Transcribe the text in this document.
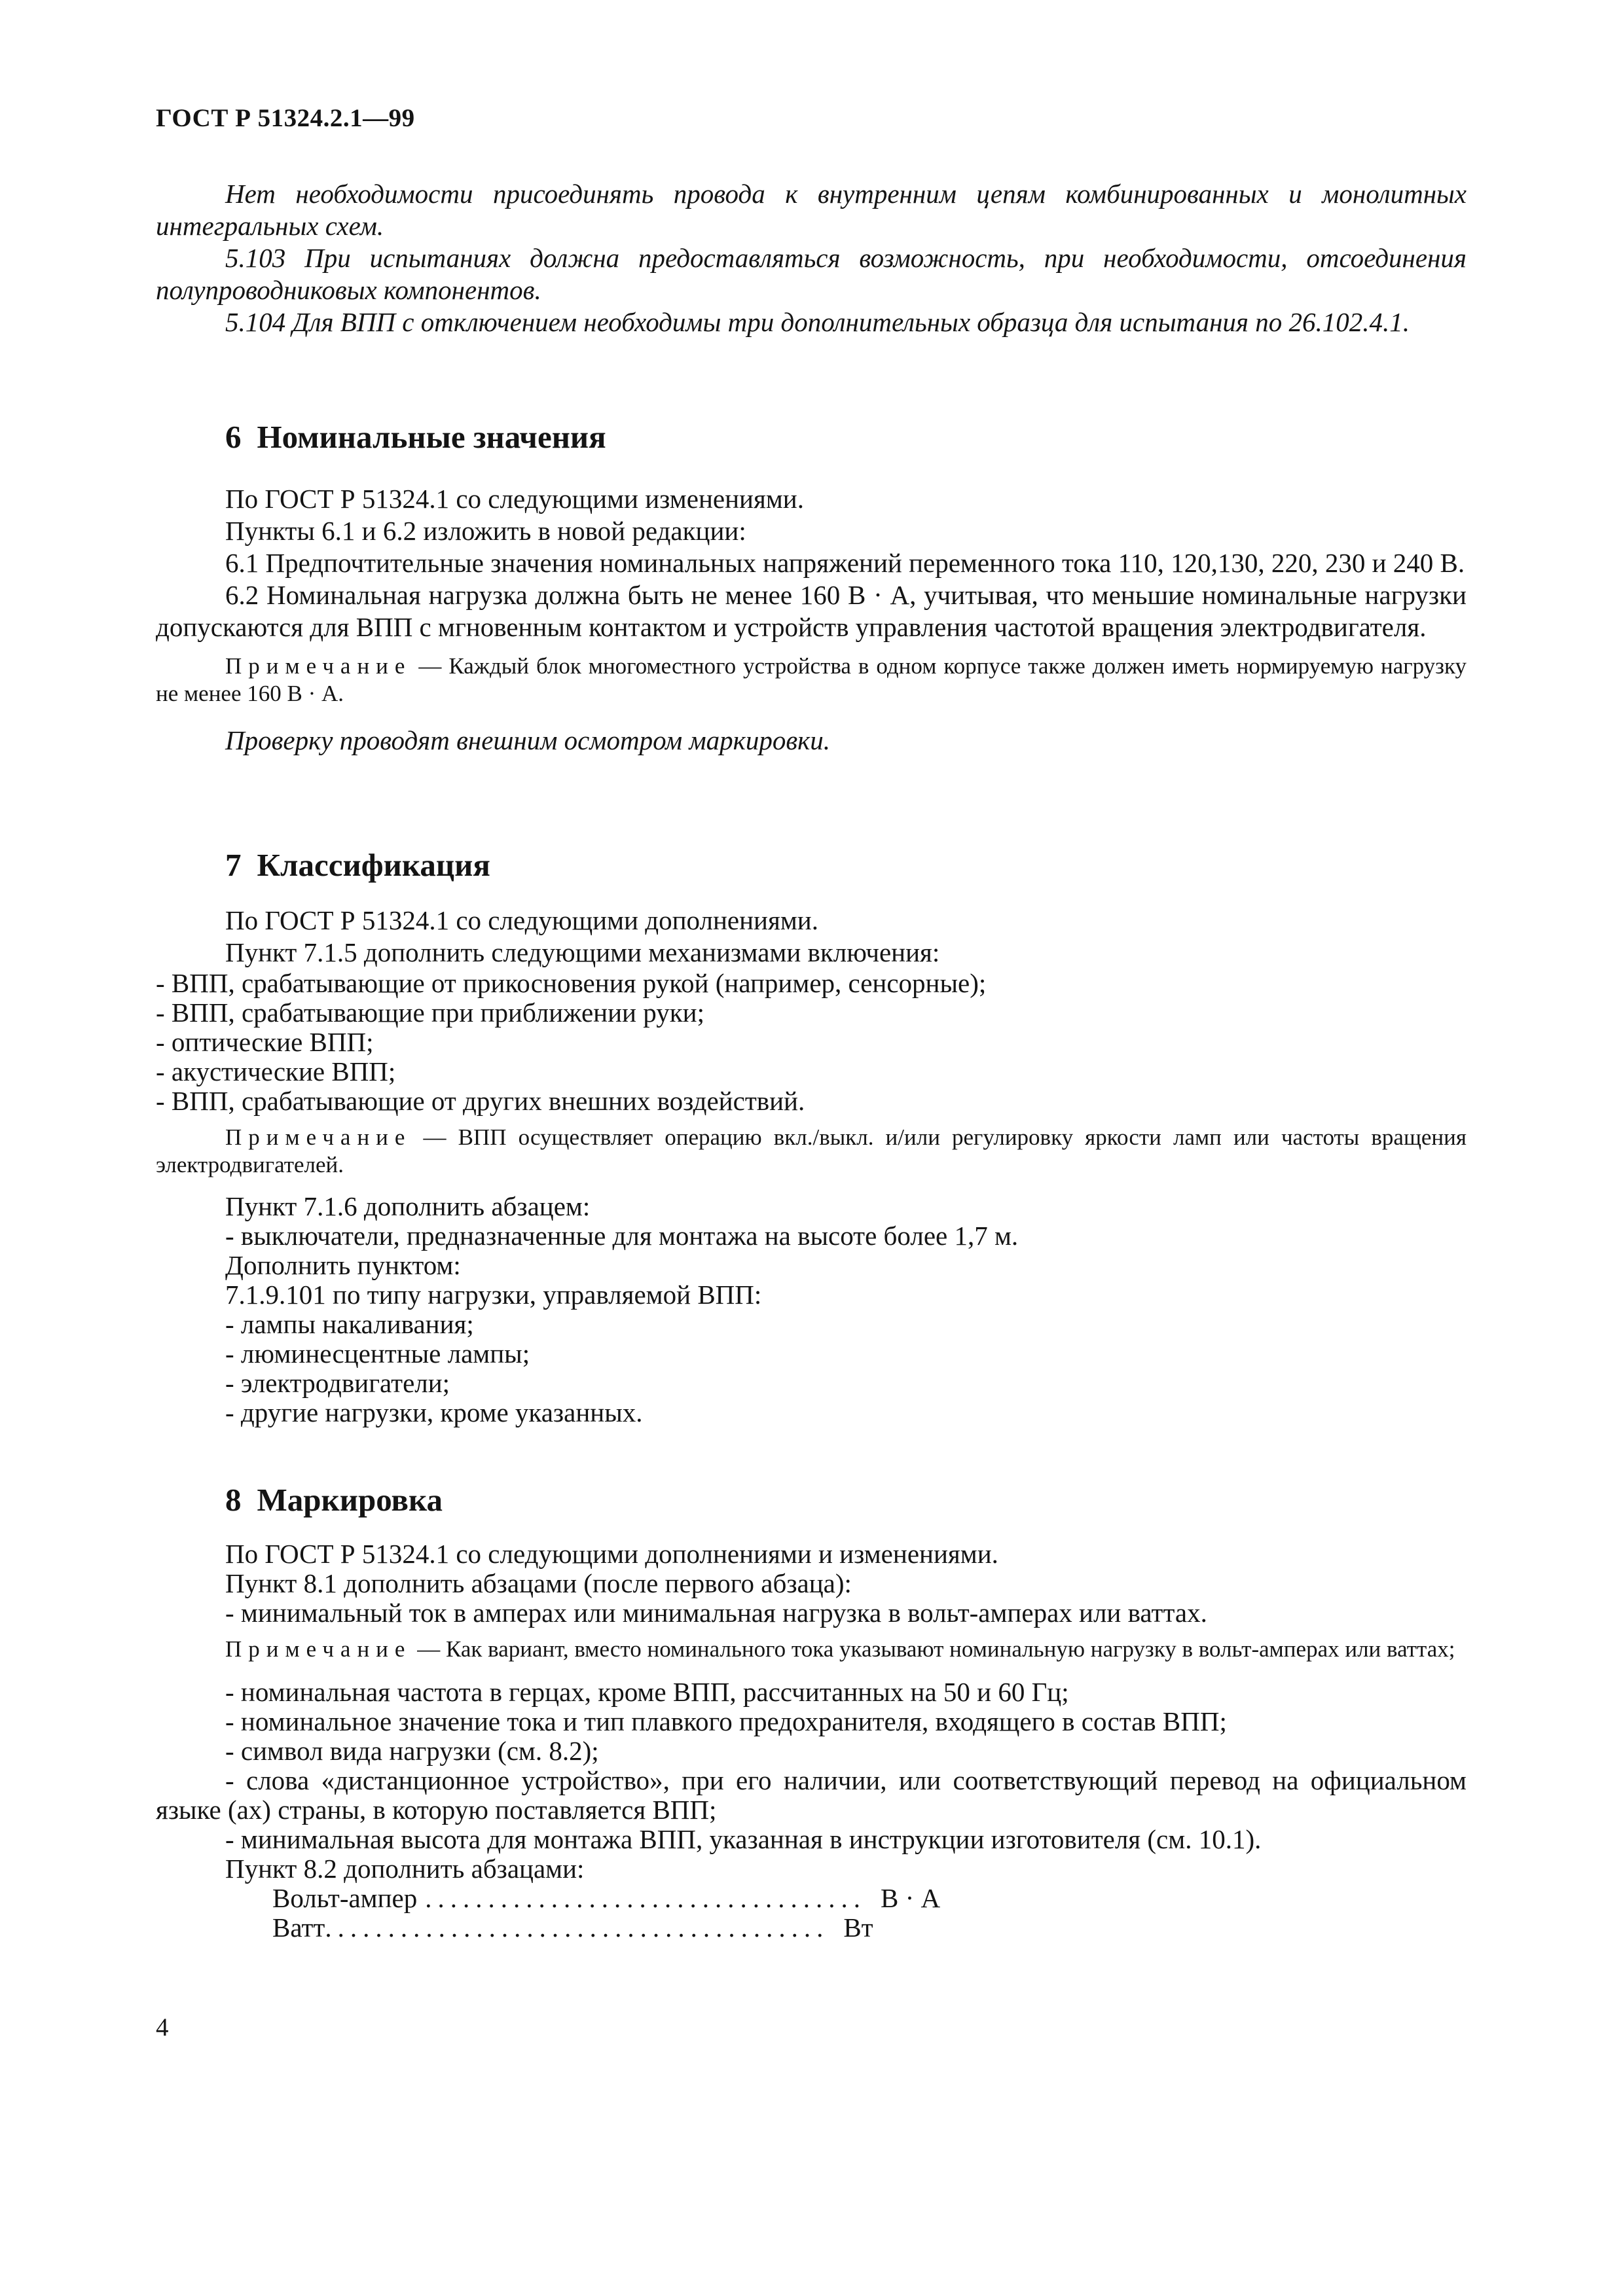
ГОСТ Р 51324.2.1—99

Нет необходимости присоединять провода к внутренним цепям комбинированных и монолитных интегральных схем.

5.103 При испытаниях должна предоставляться возможность, при необходимости, отсоединения полупроводниковых компонентов.

5.104 Для ВПП с отключением необходимы три дополнительных образца для испытания по 26.102.4.1.

6 Номинальные значения

По ГОСТ Р 51324.1 со следующими изменениями.

Пункты 6.1 и 6.2 изложить в новой редакции:

6.1 Предпочтительные значения номинальных напряжений переменного тока 110, 120,130, 220, 230 и 240 В.

6.2 Номинальная нагрузка должна быть не менее 160 В · А, учитывая, что меньшие номинальные нагрузки допускаются для ВПП с мгновенным контактом и устройств управления частотой вращения электродвигателя.

Примечание — Каждый блок многоместного устройства в одном корпусе также должен иметь нормируемую нагрузку не менее 160 В · А.

Проверку проводят внешним осмотром маркировки.

7 Классификация

По ГОСТ Р 51324.1 со следующими дополнениями.

Пункт 7.1.5 дополнить следующими механизмами включения:

- ВПП, срабатывающие от прикосновения рукой (например, сенсорные);
- ВПП, срабатывающие при приближении руки;
- оптические ВПП;
- акустические ВПП;
- ВПП, срабатывающие от других внешних воздействий.

Примечание — ВПП осуществляет операцию вкл./выкл. и/или регулировку яркости ламп или частоты вращения электродвигателей.

Пункт 7.1.6 дополнить абзацем:

- выключатели, предназначенные для монтажа на высоте более 1,7 м.

Дополнить пунктом:

7.1.9.101 по типу нагрузки, управляемой ВПП:

- лампы накаливания;
- люминесцентные лампы;
- электродвигатели;
- другие нагрузки, кроме указанных.
8 Маркировка

По ГОСТ Р 51324.1 со следующими дополнениями и изменениями.

Пункт 8.1 дополнить абзацами (после первого абзаца):

- минимальный ток в амперах или минимальная нагрузка в вольт-амперах или ваттах.

Примечание — Как вариант, вместо номинального тока указывают номинальную нагрузку в вольт-амперах или ваттах;

- номинальная частота в герцах, кроме ВПП, рассчитанных на 50 и 60 Гц;
- номинальное значение тока и тип плавкого предохранителя, входящего в состав ВПП;
- символ вида нагрузки (см. 8.2);
- слова «дистанционное устройство», при его наличии, или соответствующий перевод на официальном языке (ах) страны, в которую поставляется ВПП;
- минимальная высота для монтажа ВПП, указанная в инструкции изготовителя (см. 10.1).

Пункт 8.2 дополнить абзацами:

Вольт-ампер ................................... В · А
Ватт ........................................ Вт
4
